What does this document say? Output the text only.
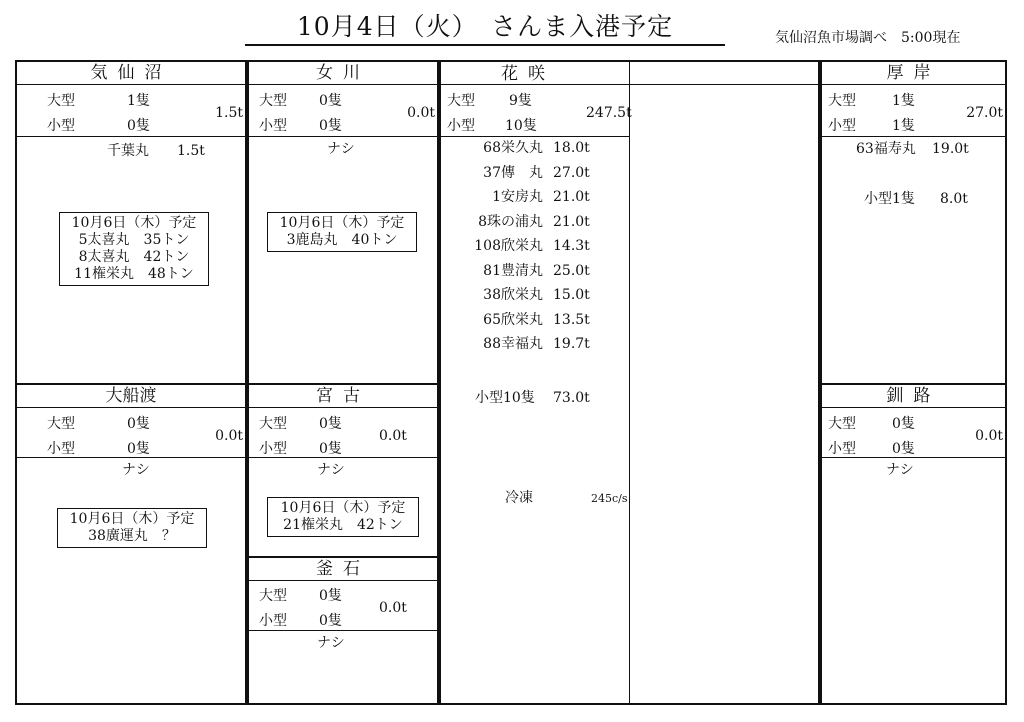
10月4日（火）　さんま入港予定	気仙沼魚市場調べ　5:00現在
気仙沼
大型	1隻
小型	0隻
1.5t
千葉丸 1.5t
10月6日（木）予定
5太喜丸　35トン
8太喜丸　42トン
11権栄丸　48トン
大船渡
大型	0隻
小型	0隻
0.0t
ナシ
10月6日（木）予定
38廣運丸　？
女川
大型 0隻
小型 0隻
0.0t
ナシ
10月6日（木）予定
3鹿島丸　40トン
宮古
大型 0隻
小型 0隻
0.0t
ナシ
10月6日（木）予定
21権栄丸　42トン
釜石
大型 0隻
小型 0隻
0.0t
ナシ
花咲
大型 9隻
小型 10隻
247.5t
68栄久丸 18.0t
37傳　丸 27.0t
1安房丸 21.0t
8珠の浦丸 21.0t
108欣栄丸 14.3t
81豊清丸 25.0t
38欣栄丸 15.0t
65欣栄丸 13.5t
88幸福丸 19.7t
小型10隻 73.0t
冷凍	245c/s
厚岸
大型	1隻
小型	1隻
27.0t
63福寿丸 19.0t
小型1隻 8.0t
釧路
大型	0隻
小型	0隻
0.0t
ナシ
